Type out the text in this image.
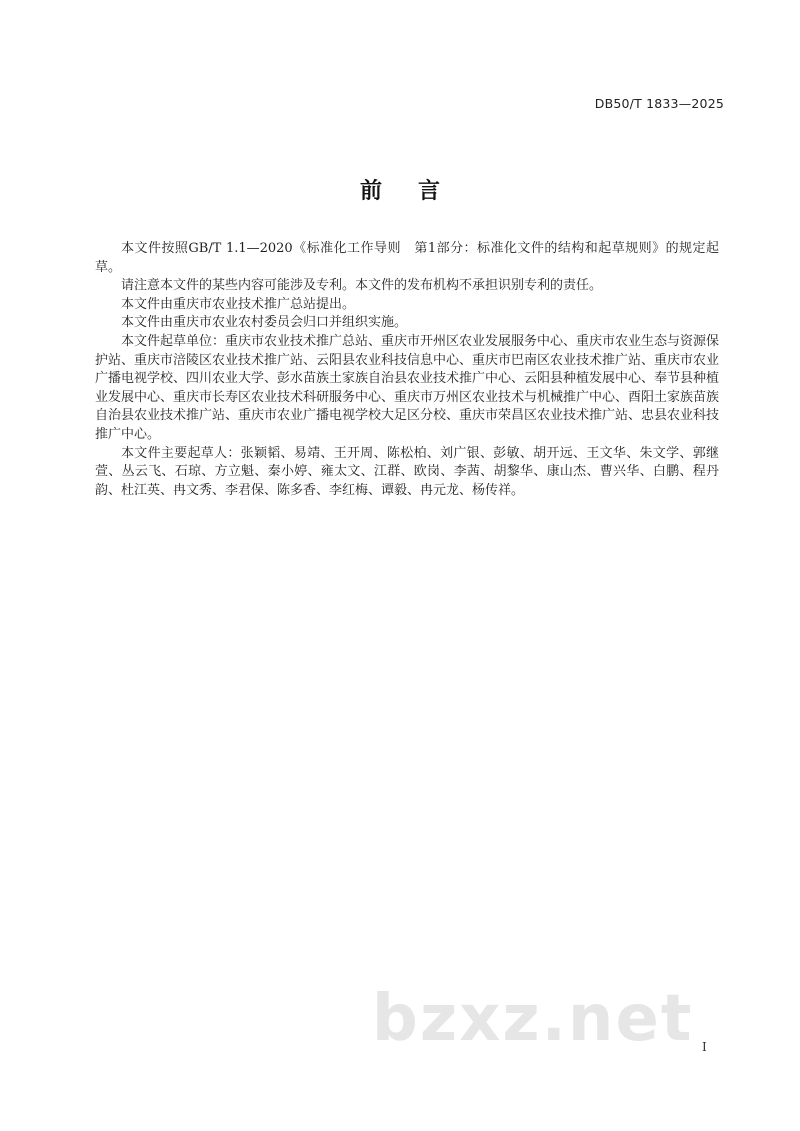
DB50/T 1833—2025
前言

本文件按照GB/T 1.1—2020《标准化工作导则　第1部分：标准化文件的结构和起草规则》的规定起草。

请注意本文件的某些内容可能涉及专利。本文件的发布机构不承担识别专利的责任。

本文件由重庆市农业技术推广总站提出。

本文件由重庆市农业农村委员会归口并组织实施。

本文件起草单位：重庆市农业技术推广总站、重庆市开州区农业发展服务中心、重庆市农业生态与资源保护站、重庆市涪陵区农业技术推广站、云阳县农业科技信息中心、重庆市巴南区农业技术推广站、重庆市农业广播电视学校、四川农业大学、彭水苗族土家族自治县农业技术推广中心、云阳县种植发展中心、奉节县种植业发展中心、重庆市长寿区农业技术科研服务中心、重庆市万州区农业技术与机械推广中心、酉阳土家族苗族自治县农业技术推广站、重庆市农业广播电视学校大足区分校、重庆市荣昌区农业技术推广站、忠县农业科技推广中心。

本文件主要起草人：张颖韬、易靖、王开周、陈松柏、刘广银、彭敏、胡开远、王文华、朱文学、郭继萱、丛云飞、石琼、方立魁、秦小婷、雍太文、江群、欧岗、李茜、胡黎华、康山杰、曹兴华、白鹏、程丹韵、杜江英、冉文秀、李君保、陈多香、李红梅、谭毅、冉元龙、杨传祥。

bzxz.net I
